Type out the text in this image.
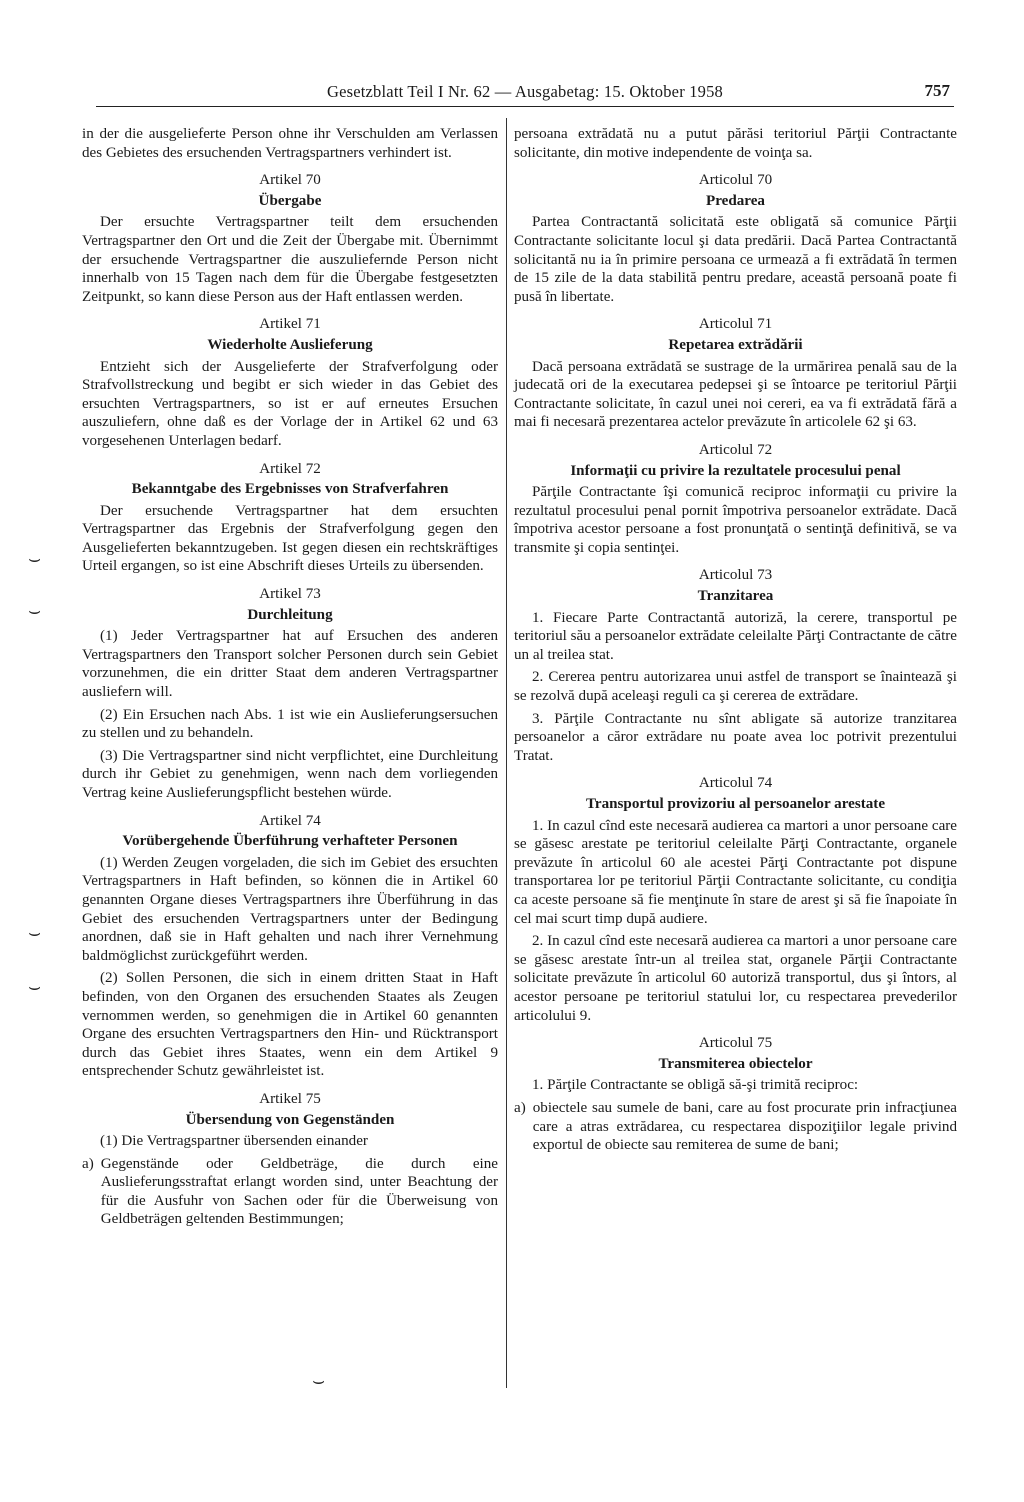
Gesetzblatt Teil I Nr. 62 — Ausgabetag: 15. Oktober 1958	757
in der die ausgelieferte Person ohne ihr Verschulden am Verlassen des Gebietes des ersuchenden Vertragspartners verhindert ist.
Artikel 70
Übergabe
Der ersuchte Vertragspartner teilt dem ersuchenden Vertragspartner den Ort und die Zeit der Übergabe mit. Übernimmt der ersuchende Vertragspartner die auszuliefernde Person nicht innerhalb von 15 Tagen nach dem für die Übergabe festgesetzten Zeitpunkt, so kann diese Person aus der Haft entlassen werden.
Artikel 71
Wiederholte Auslieferung
Entzieht sich der Ausgelieferte der Strafverfolgung oder Strafvollstreckung und begibt er sich wieder in das Gebiet des ersuchten Vertragspartners, so ist er auf erneutes Ersuchen auszuliefern, ohne daß es der Vorlage der in Artikel 62 und 63 vorgesehenen Unterlagen bedarf.
Artikel 72
Bekanntgabe des Ergebnisses von Strafverfahren
Der ersuchende Vertragspartner hat dem ersuchten Vertragspartner das Ergebnis der Strafverfolgung gegen den Ausgelieferten bekanntzugeben. Ist gegen diesen ein rechtskräftiges Urteil ergangen, so ist eine Abschrift dieses Urteils zu übersenden.
Artikel 73
Durchleitung
(1) Jeder Vertragspartner hat auf Ersuchen des anderen Vertragspartners den Transport solcher Personen durch sein Gebiet vorzunehmen, die ein dritter Staat dem anderen Vertragspartner ausliefern will.
(2) Ein Ersuchen nach Abs. 1 ist wie ein Auslieferungsersuchen zu stellen und zu behandeln.
(3) Die Vertragspartner sind nicht verpflichtet, eine Durchleitung durch ihr Gebiet zu genehmigen, wenn nach dem vorliegenden Vertrag keine Auslieferungspflicht bestehen würde.
Artikel 74
Vorübergehende Überführung verhafteter Personen
(1) Werden Zeugen vorgeladen, die sich im Gebiet des ersuchten Vertragspartners in Haft befinden, so können die in Artikel 60 genannten Organe dieses Vertragspartners ihre Überführung in das Gebiet des ersuchenden Vertragspartners unter der Bedingung anordnen, daß sie in Haft gehalten und nach ihrer Vernehmung baldmöglichst zurückgeführt werden.
(2) Sollen Personen, die sich in einem dritten Staat in Haft befinden, von den Organen des ersuchenden Staates als Zeugen vernommen werden, so genehmigen die in Artikel 60 genannten Organe des ersuchten Vertragspartners den Hin- und Rücktransport durch das Gebiet ihres Staates, wenn ein dem Artikel 9 entsprechender Schutz gewährleistet ist.
Artikel 75
Übersendung von Gegenständen
(1) Die Vertragspartner übersenden einander
a) Gegenstände oder Geldbeträge, die durch eine Auslieferungsstraftat erlangt worden sind, unter Beachtung der für die Ausfuhr von Sachen oder für die Überweisung von Geldbeträgen geltenden Bestimmungen;
persoana extrădată nu a putut părăsi teritoriul Părţii Contractante solicitante, din motive independente de voinţa sa.
Articolul 70
Predarea
Partea Contractantă solicitată este obligată să comunice Părţii Contractante solicitante locul şi data predării. Dacă Partea Contractantă solicitantă nu ia în primire persoana ce urmează a fi extrădată în termen de 15 zile de la data stabilită pentru predare, această persoană poate fi pusă în libertate.
Articolul 71
Repetarea extrădării
Dacă persoana extrădată se sustrage de la urmărirea penală sau de la judecată ori de la executarea pedepsei şi se întoarce pe teritoriul Părţii Contractante solicitate, în cazul unei noi cereri, ea va fi extrădată fără a mai fi necesară prezentarea actelor prevăzute în articolele 62 şi 63.
Articolul 72
Informaţii cu privire la rezultatele procesului penal
Părţile Contractante îşi comunică reciproc informaţii cu privire la rezultatul procesului penal pornit împotriva persoanelor extrădate. Dacă împotriva acestor persoane a fost pronunţată o sentinţă definitivă, se va transmite şi copia sentinţei.
Articolul 73
Tranzitarea
1. Fiecare Parte Contractantă autoriză, la cerere, transportul pe teritoriul său a persoanelor extrădate celeilalte Părţi Contractante de către un al treilea stat.
2. Cererea pentru autorizarea unui astfel de transport se înaintează şi se rezolvă după aceleaşi reguli ca şi cererea de extrădare.
3. Părţile Contractante nu sînt abligate să autorize tranzitarea persoanelor a căror extrădare nu poate avea loc potrivit prezentului Tratat.
Articolul 74
Transportul provizoriu al persoanelor arestate
1. In cazul cînd este necesară audierea ca martori a unor persoane care se găsesc arestate pe teritoriul celeilalte Părţi Contractante, organele prevăzute în articolul 60 ale acestei Părţi Contractante pot dispune transportarea lor pe teritoriul Părţii Contractante solicitante, cu condiţia ca aceste persoane să fie menţinute în stare de arest şi să fie înapoiate în cel mai scurt timp după audiere.
2. In cazul cînd este necesară audierea ca martori a unor persoane care se găsesc arestate într-un al treilea stat, organele Părţii Contractante solicitate prevăzute în articolul 60 autoriză transportul, dus şi întors, al acestor persoane pe teritoriul statului lor, cu respectarea prevederilor articolului 9.
Articolul 75
Transmiterea obiectelor
1. Părţile Contractante se obligă să-şi trimită reciproc:
a) obiectele sau sumele de bani, care au fost procurate prin infracţiunea care a atras extrădarea, cu respectarea dispoziţiilor legale privind exportul de obiecte sau remiterea de sume de bani;
⌣
⌣
⌣
⌣
⌣
